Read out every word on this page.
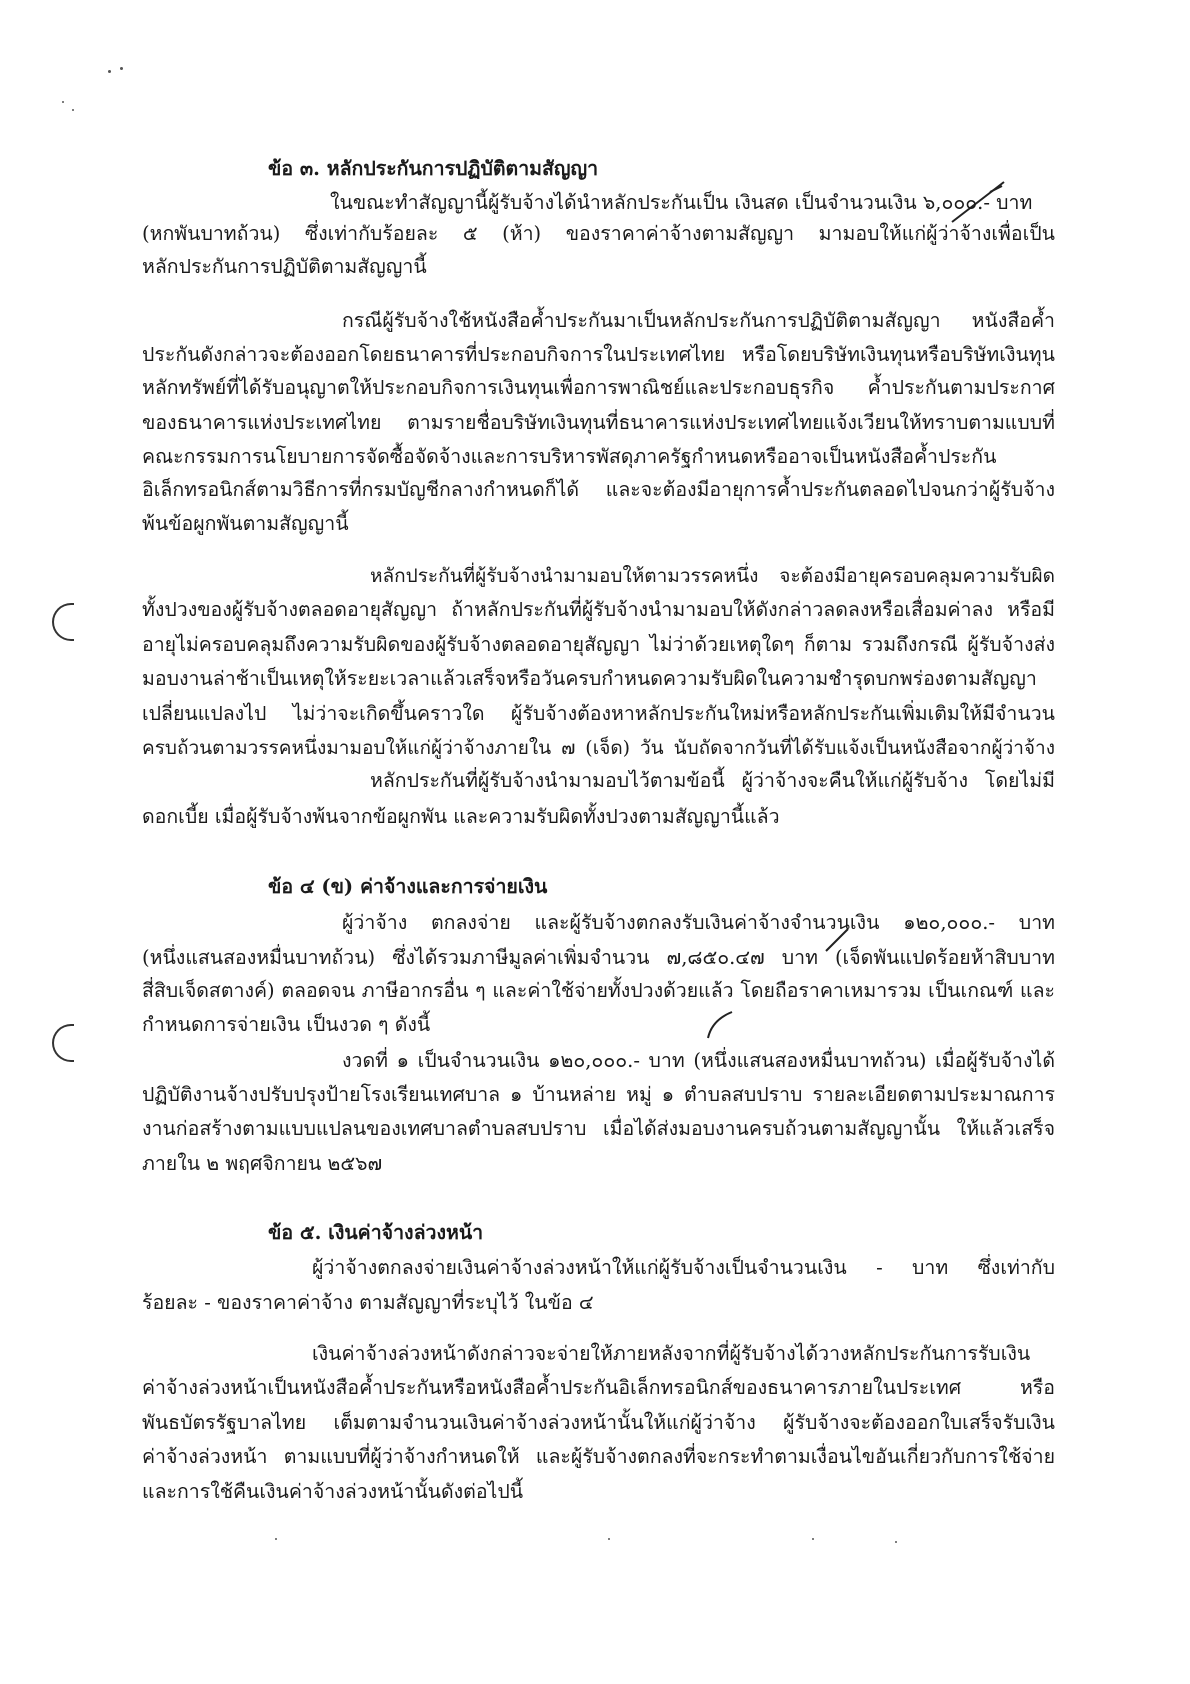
ข้อ ๓. หลักประกันการปฏิบัติตามสัญญา
ในขณะทำสัญญานี้ผู้รับจ้างได้นำหลักประกันเป็น เงินสด เป็นจำนวนเงิน ๖,๐๐๐.- บาท
(หกพันบาทถ้วน) ซึ่งเท่ากับร้อยละ ๕ (ห้า) ของราคาค่าจ้างตามสัญญา มามอบให้แก่ผู้ว่าจ้างเพื่อเป็น
หลักประกันการปฏิบัติตามสัญญานี้
กรณีผู้รับจ้างใช้หนังสือค้ำประกันมาเป็นหลักประกันการปฏิบัติตามสัญญา หนังสือค้ำ
ประกันดังกล่าวจะต้องออกโดยธนาคารที่ประกอบกิจการในประเทศไทย หรือโดยบริษัทเงินทุนหรือบริษัทเงินทุน
หลักทรัพย์ที่ได้รับอนุญาตให้ประกอบกิจการเงินทุนเพื่อการพาณิชย์และประกอบธุรกิจ ค้ำประกันตามประกาศ
ของธนาคารแห่งประเทศไทย ตามรายชื่อบริษัทเงินทุนที่ธนาคารแห่งประเทศไทยแจ้งเวียนให้ทราบตามแบบที่
คณะกรรมการนโยบายการจัดซื้อจัดจ้างและการบริหารพัสดุภาครัฐกำหนดหรืออาจเป็นหนังสือค้ำประกัน
อิเล็กทรอนิกส์ตามวิธีการที่กรมบัญชีกลางกำหนดก็ได้ และจะต้องมีอายุการค้ำประกันตลอดไปจนกว่าผู้รับจ้าง
พ้นข้อผูกพันตามสัญญานี้
หลักประกันที่ผู้รับจ้างนำมามอบให้ตามวรรคหนึ่ง จะต้องมีอายุครอบคลุมความรับผิด
ทั้งปวงของผู้รับจ้างตลอดอายุสัญญา ถ้าหลักประกันที่ผู้รับจ้างนำมามอบให้ดังกล่าวลดลงหรือเสื่อมค่าลง หรือมี
อายุไม่ครอบคลุมถึงความรับผิดของผู้รับจ้างตลอดอายุสัญญา ไม่ว่าด้วยเหตุใดๆ ก็ตาม รวมถึงกรณี ผู้รับจ้างส่ง
มอบงานล่าช้าเป็นเหตุให้ระยะเวลาแล้วเสร็จหรือวันครบกำหนดความรับผิดในความชำรุดบกพร่องตามสัญญา
เปลี่ยนแปลงไป ไม่ว่าจะเกิดขึ้นคราวใด ผู้รับจ้างต้องหาหลักประกันใหม่หรือหลักประกันเพิ่มเติมให้มีจำนวน
ครบถ้วนตามวรรคหนึ่งมามอบให้แก่ผู้ว่าจ้างภายใน ๗ (เจ็ด) วัน นับถัดจากวันที่ได้รับแจ้งเป็นหนังสือจากผู้ว่าจ้าง
หลักประกันที่ผู้รับจ้างนำมามอบไว้ตามข้อนี้ ผู้ว่าจ้างจะคืนให้แก่ผู้รับจ้าง โดยไม่มี
ดอกเบี้ย เมื่อผู้รับจ้างพ้นจากข้อผูกพัน และความรับผิดทั้งปวงตามสัญญานี้แล้ว
ข้อ ๔ (ข) ค่าจ้างและการจ่ายเงิน
ผู้ว่าจ้าง ตกลงจ่าย และผู้รับจ้างตกลงรับเงินค่าจ้างจำนวนเงิน ๑๒๐,๐๐๐.- บาท
(หนึ่งแสนสองหมื่นบาทถ้วน) ซึ่งได้รวมภาษีมูลค่าเพิ่มจำนวน ๗,๘๕๐.๔๗ บาท (เจ็ดพันแปดร้อยห้าสิบบาท
สี่สิบเจ็ดสตางค์) ตลอดจน ภาษีอากรอื่น ๆ และค่าใช้จ่ายทั้งปวงด้วยแล้ว โดยถือราคาเหมารวม เป็นเกณฑ์ และ
กำหนดการจ่ายเงิน เป็นงวด ๆ ดังนี้
งวดที่ ๑ เป็นจำนวนเงิน ๑๒๐,๐๐๐.- บาท (หนึ่งแสนสองหมื่นบาทถ้วน) เมื่อผู้รับจ้างได้
ปฏิบัติงานจ้างปรับปรุงป้ายโรงเรียนเทศบาล ๑ บ้านหล่าย หมู่ ๑ ตำบลสบปราบ รายละเอียดตามประมาณการ
งานก่อสร้างตามแบบแปลนของเทศบาลตำบลสบปราบ เมื่อได้ส่งมอบงานครบถ้วนตามสัญญานั้น ให้แล้วเสร็จ
ภายใน ๒ พฤศจิกายน ๒๕๖๗
ข้อ ๕. เงินค่าจ้างล่วงหน้า
ผู้ว่าจ้างตกลงจ่ายเงินค่าจ้างล่วงหน้าให้แก่ผู้รับจ้างเป็นจำนวนเงิน - บาท ซึ่งเท่ากับ
ร้อยละ - ของราคาค่าจ้าง ตามสัญญาที่ระบุไว้ ในข้อ ๔
เงินค่าจ้างล่วงหน้าดังกล่าวจะจ่ายให้ภายหลังจากที่ผู้รับจ้างได้วางหลักประกันการรับเงิน
ค่าจ้างล่วงหน้าเป็นหนังสือค้ำประกันหรือหนังสือค้ำประกันอิเล็กทรอนิกส์ของธนาคารภายในประเทศ หรือ
พันธบัตรรัฐบาลไทย เต็มตามจำนวนเงินค่าจ้างล่วงหน้านั้นให้แก่ผู้ว่าจ้าง ผู้รับจ้างจะต้องออกใบเสร็จรับเงิน
ค่าจ้างล่วงหน้า ตามแบบที่ผู้ว่าจ้างกำหนดให้ และผู้รับจ้างตกลงที่จะกระทำตามเงื่อนไขอันเกี่ยวกับการใช้จ่าย
และการใช้คืนเงินค่าจ้างล่วงหน้านั้นดังต่อไปนี้
